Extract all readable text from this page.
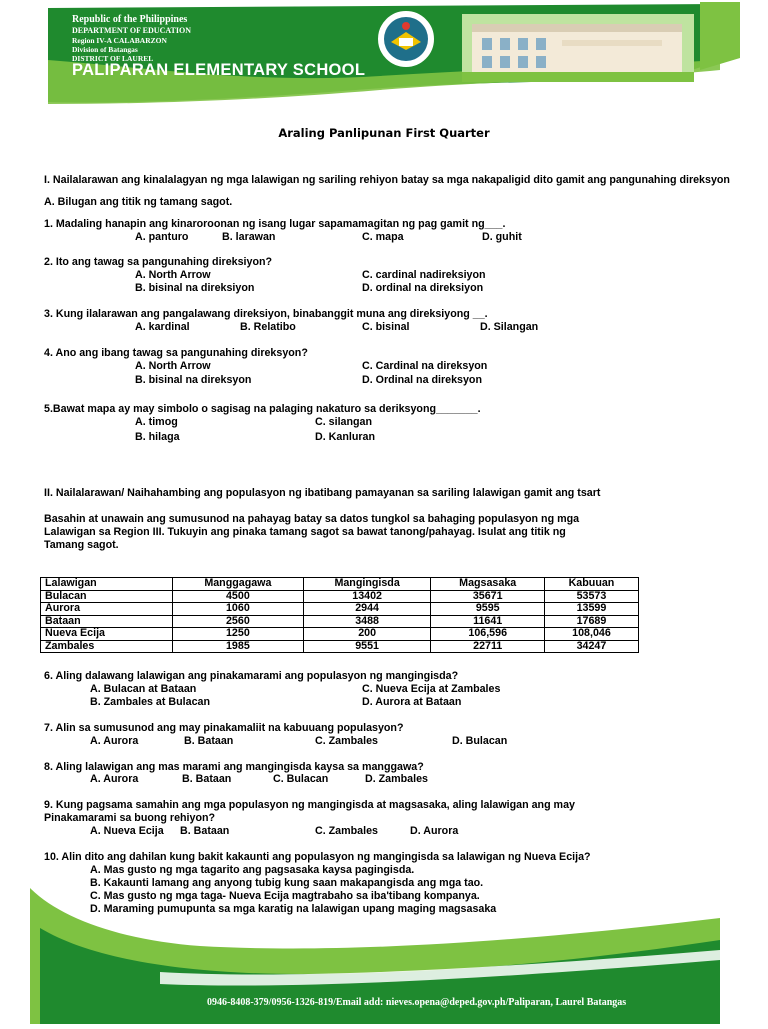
Republic of the Philippines
DEPARTMENT OF EDUCATION
Region IV-A CALABARZON
Division of Batangas
DISTRICT OF LAUREL
PALIPARAN ELEMENTARY SCHOOL
Araling Panlipunan First Quarter
I. Nailalarawan ang kinalalagyan ng mga lalawigan ng sariling rehiyon batay sa mga nakapaligid dito gamit ang pangunahing direksyon
A. Bilugan ang titik ng tamang sagot.
1. Madaling hanapin ang kinaroroonan ng isang lugar sapamamagitan ng pag gamit ng___.
A. panturo	B. larawan	C. mapa	D. guhit
2. Ito ang tawag sa pangunahing direksiyon?
A. North Arrow
B. bisinal na direksiyon
C. cardinal nadireksiyon
D. ordinal na direksiyon
3. Kung ilalarawan ang pangalawang direksiyon, binabanggit muna ang direksiyong __.
A. kardinal	B. Relatibo	C. bisinal	D. Silangan
4. Ano ang ibang tawag sa pangunahing direksyon?
A. North Arrow
B. bisinal na direksyon
C. Cardinal na direksyon
D. Ordinal na direksyon
5.Bawat mapa ay may simbolo o sagisag na palaging nakaturo sa deriksyong_______.
A. timog
B. hilaga
C. silangan
D. Kanluran
II. Nailalarawan/ Naihahambing ang populasyon ng ibatibang pamayanan sa sariling lalawigan gamit ang tsart
Basahin at unawain ang sumusunod na pahayag batay sa datos tungkol sa bahaging populasyon ng mga
Lalawigan sa Region III. Tukuyin ang pinaka tamang sagot sa bawat tanong/pahayag. Isulat ang titik ng
Tamang sagot.
Lalawigan	Manggagawa	Mangingisda	Magsasaka	Kabuuan
Bulacan	4500	13402	35671	53573
Aurora	1060	2944	9595	13599
Bataan	2560	3488	11641	17689
Nueva Ecija	1250	200	106,596	108,046
Zambales	1985	9551	22711	34247
6. Aling dalawang lalawigan ang pinakamarami ang populasyon ng mangingisda?
A. Bulacan at Bataan
B. Zambales at Bulacan
C. Nueva Ecija at Zambales
D. Aurora at Bataan
7. Alin sa sumusunod ang may pinakamaliit na kabuuang populasyon?
A. Aurora	B. Bataan	C. Zambales	D. Bulacan
8. Aling lalawigan ang mas marami ang mangingisda kaysa sa manggawa?
A. Aurora	B. Bataan	C. Bulacan	D. Zambales
9. Kung pagsama samahin ang mga populasyon ng mangingisda at magsasaka, aling lalawigan ang may
Pinakamarami sa buong rehiyon?
A. Nueva Ecija B. Bataan	C. Zambales	D. Aurora
10. Alin dito ang dahilan kung bakit kakaunti ang populasyon ng mangingisda sa lalawigan ng Nueva Ecija?
A. Mas gusto ng mga tagarito ang pagsasaka kaysa pagingisda.
B. Kakaunti lamang ang anyong tubig kung saan makapangisda ang mga tao.
C. Mas gusto ng mga taga- Nueva Ecija magtrabaho sa iba'tibang kompanya.
D. Maraming pumupunta sa mga karatig na lalawigan upang maging magsasaka
0946-8408-379/0956-1326-819/Email add: nieves.opena@deped.gov.ph/Paliparan, Laurel Batangas
